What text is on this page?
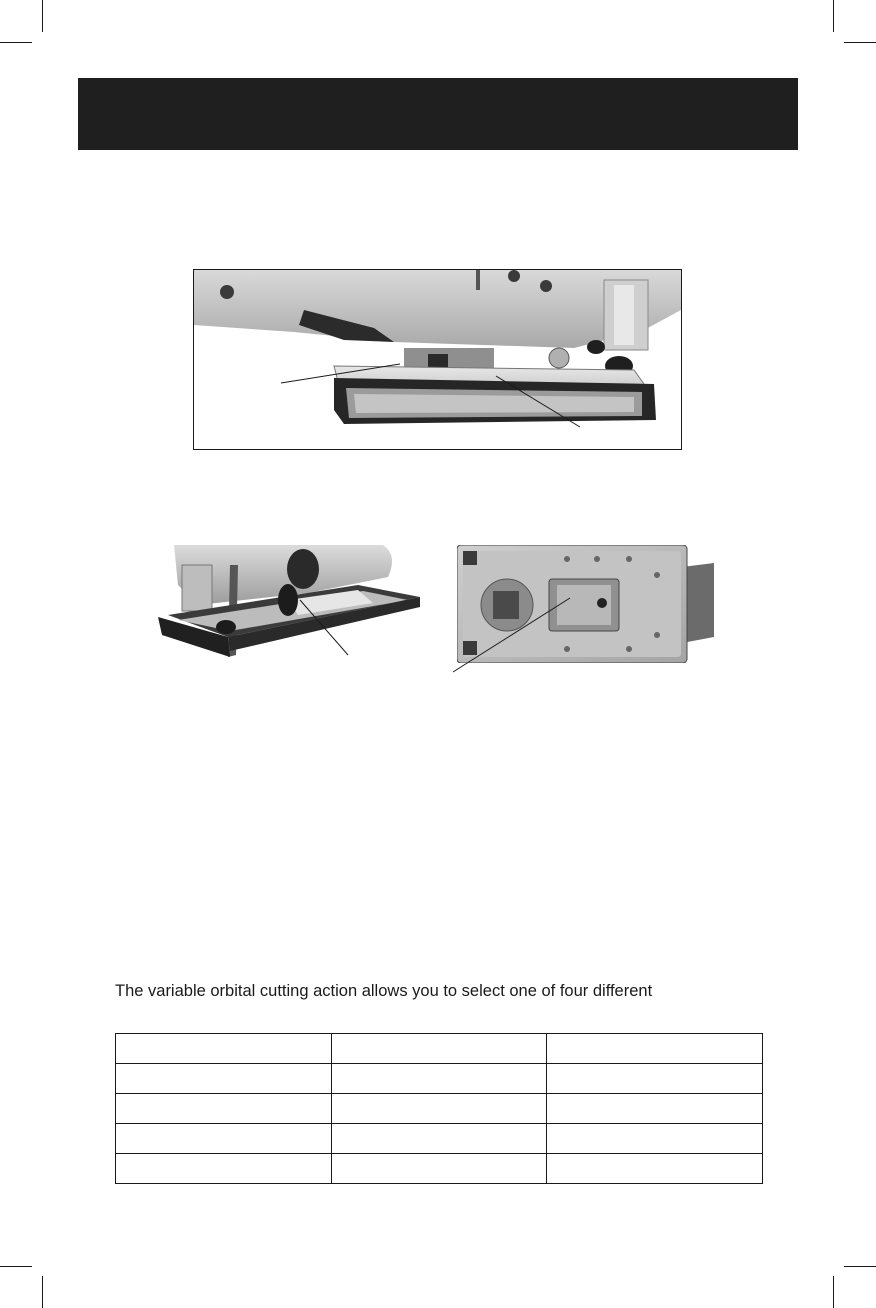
The variable orbital cutting action allows you to select one of four different
